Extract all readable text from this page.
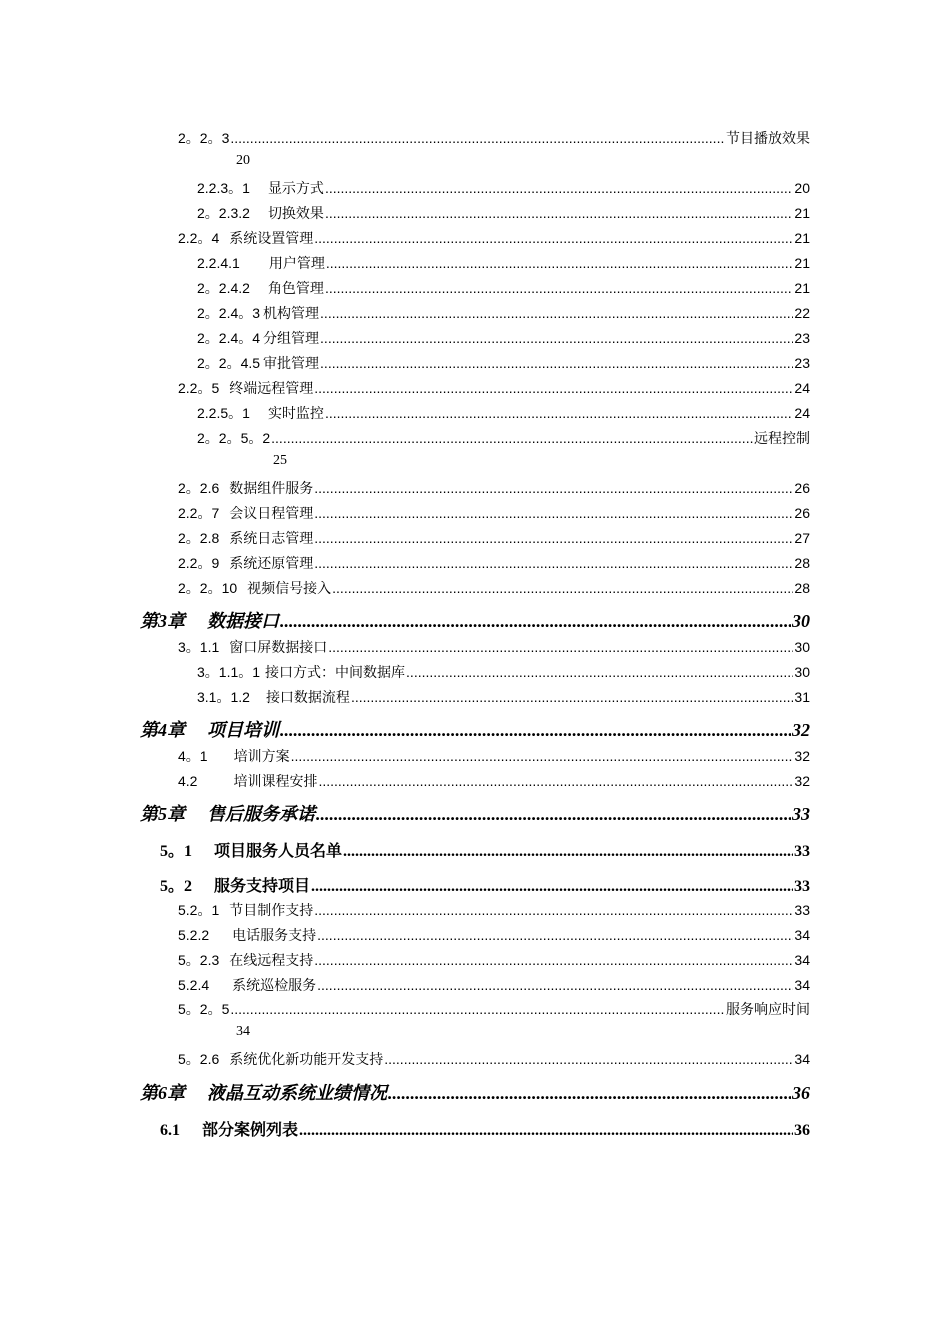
2。2。3 .....	节目播放效果
20
2.2.3。1 显示方式 .....	20
2。2.3.2 切换效果 .....	21
2.2。4 系统设置管理 .....	21
2.2.4.1 用户管理 .....	21
2。2.4.2 角色管理 .....	21
2。2.4。3 机构管理 .....	22
2。2.4。4 分组管理 .....	23
2。2。4.5 审批管理 .....	23
2.2。5 终端远程管理 .....	24
2.2.5。1 实时监控 .....	24
2。2。5。2 .....	远程控制
25
2。2.6 数据组件服务 .....	26
2.2。7 会议日程管理 .....	26
2。2.8 系统日志管理 .....	27
2.2。9 系统还原管理 .....	28
2。2。10 视频信号接入 .....	28
第3章 数据接口 .....	30
3。1.1 窗口屏数据接口 .....	30
3。1.1。1 接口方式：中间数据库 .....	30
3.1。1.2 接口数据流程 .....	31
第4章 项目培训 .....	32
4。1 培训方案 .....	32
4.2	培训课程安排 .....	32
第5章 售后服务承诺 .....	33
5。1 项目服务人员名单 .....	33
5。2 服务支持项目 .....	33
5.2。1 节目制作支持 .....	33
5.2.2 电话服务支持 .....	34
5。2.3 在线远程支持 .....	34
5.2.4 系统巡检服务 .....	34
5。2。5 .....	服务响应时间
34
5。2.6 系统优化新功能开发支持 .....	34
第6章 液晶互动系统业绩情况 .....	36
6.1 部分案例列表 .....	36
